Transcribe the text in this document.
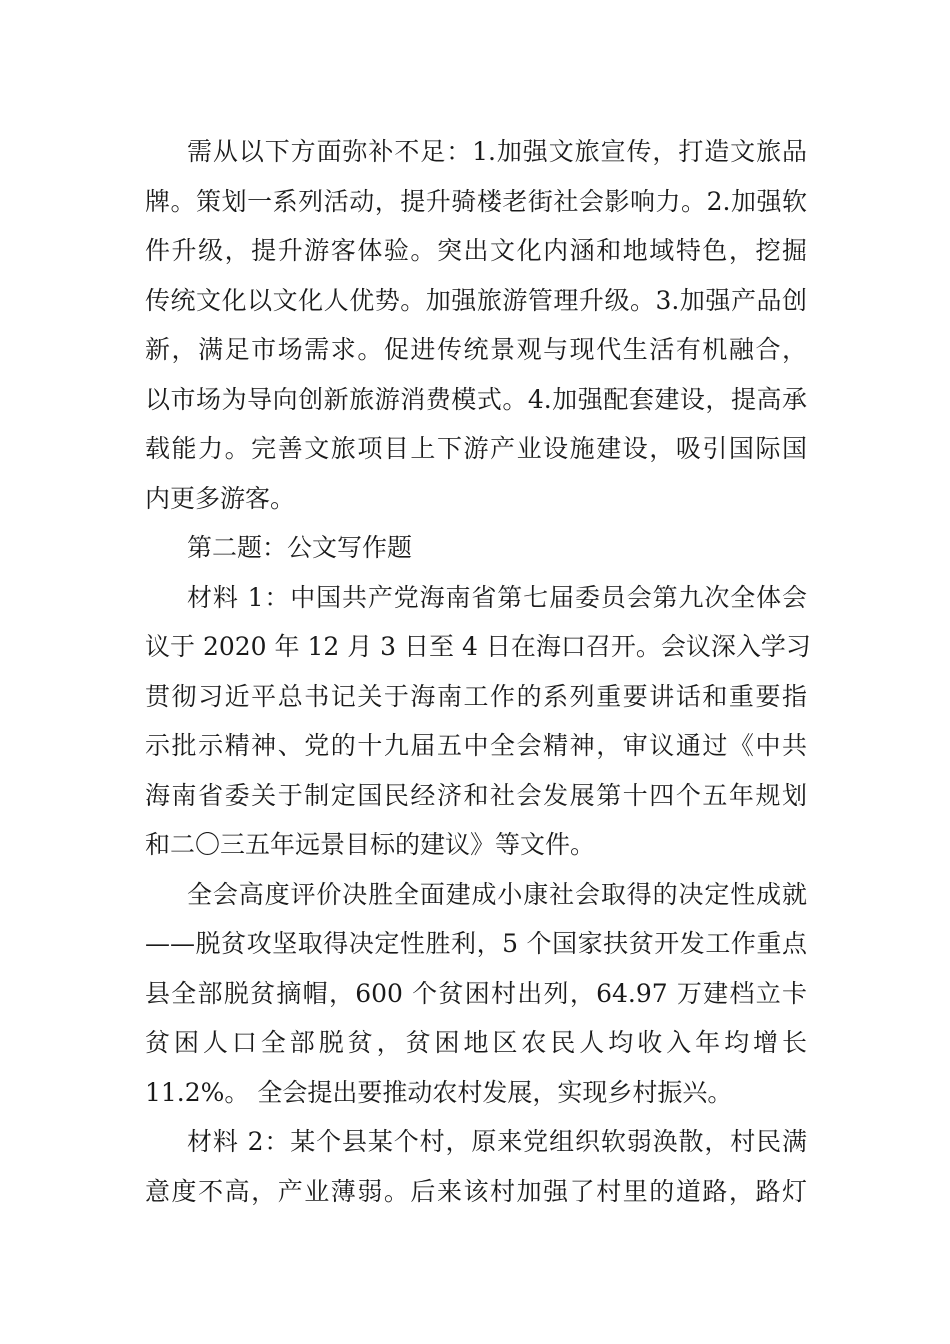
需从以下方面弥补不足：1.加强文旅宣传，打造文旅品
牌。策划一系列活动，提升骑楼老街社会影响力。2.加强软
件升级，提升游客体验。突出文化内涵和地域特色，挖掘
传统文化以文化人优势。加强旅游管理升级。3.加强产品创
新，满足市场需求。促进传统景观与现代生活有机融合，
以市场为导向创新旅游消费模式。4.加强配套建设，提高承
载能力。完善文旅项目上下游产业设施建设，吸引国际国
内更多游客。
第二题：公文写作题
材料 1：中国共产党海南省第七届委员会第九次全体会
议于 2020 年 12 月 3 日至 4 日在海口召开。会议深入学习
贯彻习近平总书记关于海南工作的系列重要讲话和重要指
示批示精神、党的十九届五中全会精神，审议通过《中共
海南省委关于制定国民经济和社会发展第十四个五年规划
和二〇三五年远景目标的建议》等文件。
全会高度评价决胜全面建成小康社会取得的决定性成就
——脱贫攻坚取得决定性胜利，5 个国家扶贫开发工作重点
县全部脱贫摘帽，600 个贫困村出列，64.97 万建档立卡
贫困人口全部脱贫，贫困地区农民人均收入年均增长
11.2%。 全会提出要推动农村发展，实现乡村振兴。
材料 2：某个县某个村，原来党组织软弱涣散，村民满
意度不高，产业薄弱。后来该村加强了村里的道路，路灯
